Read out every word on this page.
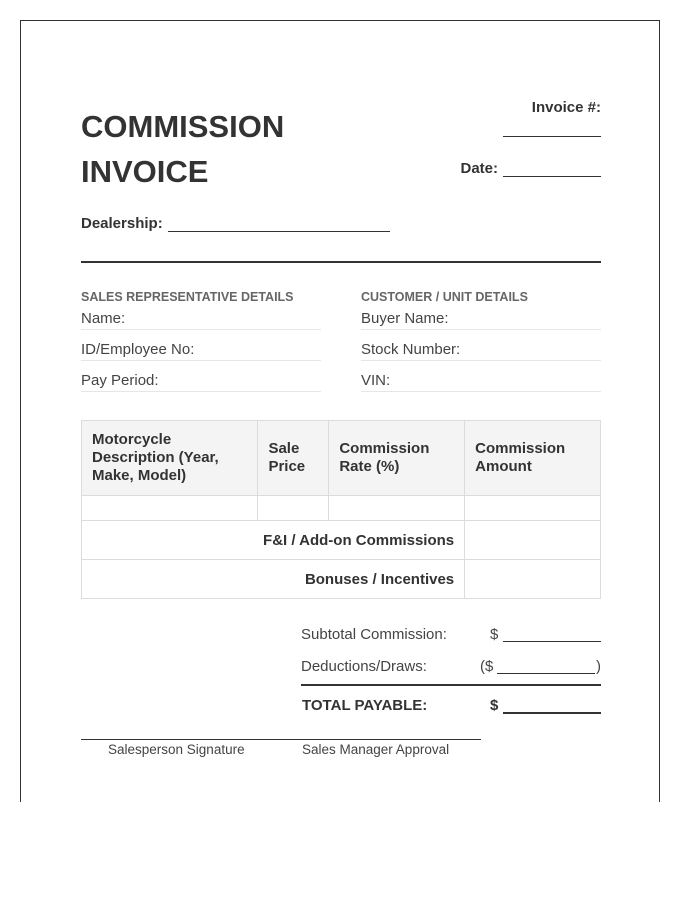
COMMISSION
INVOICE
Invoice #:
Date:
Dealership:
SALES REPRESENTATIVE DETAILS
Name:
ID/Employee No:
Pay Period:
CUSTOMER / UNIT DETAILS
Buyer Name:
Stock Number:
VIN:
Motorcycle Description (Year, Make, Model)	Sale Price	Commission Rate (%)	Commission Amount

F&I / Add-on Commissions			
Bonuses / Incentives			
Subtotal Commission:	$
Deductions/Draws:	($	)
TOTAL PAYABLE:	$
Salesperson Signature	Sales Manager Approval
